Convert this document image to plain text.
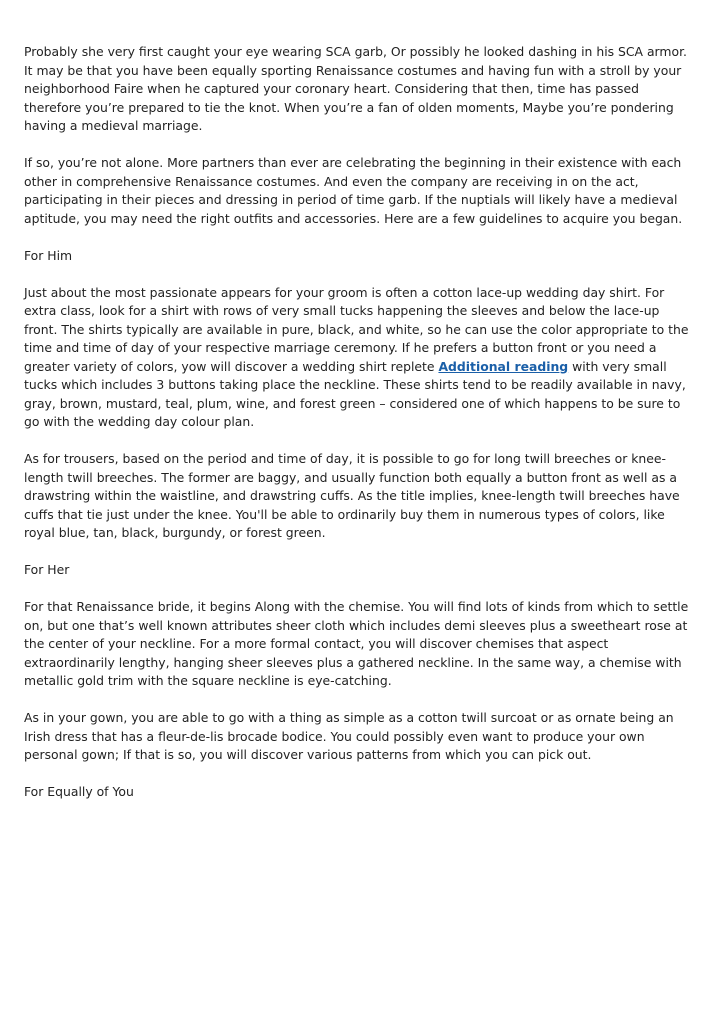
Probably she very first caught your eye wearing SCA garb, Or possibly he looked dashing in his SCA armor. It may be that you have been equally sporting Renaissance costumes and having fun with a stroll by your neighborhood Faire when he captured your coronary heart. Considering that then, time has passed therefore you’re prepared to tie the knot. When you’re a fan of olden moments, Maybe you’re pondering having a medieval marriage.

If so, you’re not alone. More partners than ever are celebrating the beginning in their existence with each other in comprehensive Renaissance costumes. And even the company are receiving in on the act, participating in their pieces and dressing in period of time garb. If the nuptials will likely have a medieval aptitude, you may need the right outfits and accessories. Here are a few guidelines to acquire you began.

For Him

Just about the most passionate appears for your groom is often a cotton lace-up wedding day shirt. For extra class, look for a shirt with rows of very small tucks happening the sleeves and below the lace-up front. The shirts typically are available in pure, black, and white, so he can use the color appropriate to the time and time of day of your respective marriage ceremony. If he prefers a button front or you need a greater variety of colors, yow will discover a wedding shirt replete Additional reading with very small tucks which includes 3 buttons taking place the neckline. These shirts tend to be readily available in navy, gray, brown, mustard, teal, plum, wine, and forest green – considered one of which happens to be sure to go with the wedding day colour plan.

As for trousers, based on the period and time of day, it is possible to go for long twill breeches or knee-length twill breeches. The former are baggy, and usually function both equally a button front as well as a drawstring within the waistline, and drawstring cuffs. As the title implies, knee-length twill breeches have cuffs that tie just under the knee. You'll be able to ordinarily buy them in numerous types of colors, like royal blue, tan, black, burgundy, or forest green.

For Her

For that Renaissance bride, it begins Along with the chemise. You will find lots of kinds from which to settle on, but one that’s well known attributes sheer cloth which includes demi sleeves plus a sweetheart rose at the center of your neckline. For a more formal contact, you will discover chemises that aspect extraordinarily lengthy, hanging sheer sleeves plus a gathered neckline. In the same way, a chemise with metallic gold trim with the square neckline is eye-catching.

As in your gown, you are able to go with a thing as simple as a cotton twill surcoat or as ornate being an Irish dress that has a fleur-de-lis brocade bodice. You could possibly even want to produce your own personal gown; If that is so, you will discover various patterns from which you can pick out.

For Equally of You
